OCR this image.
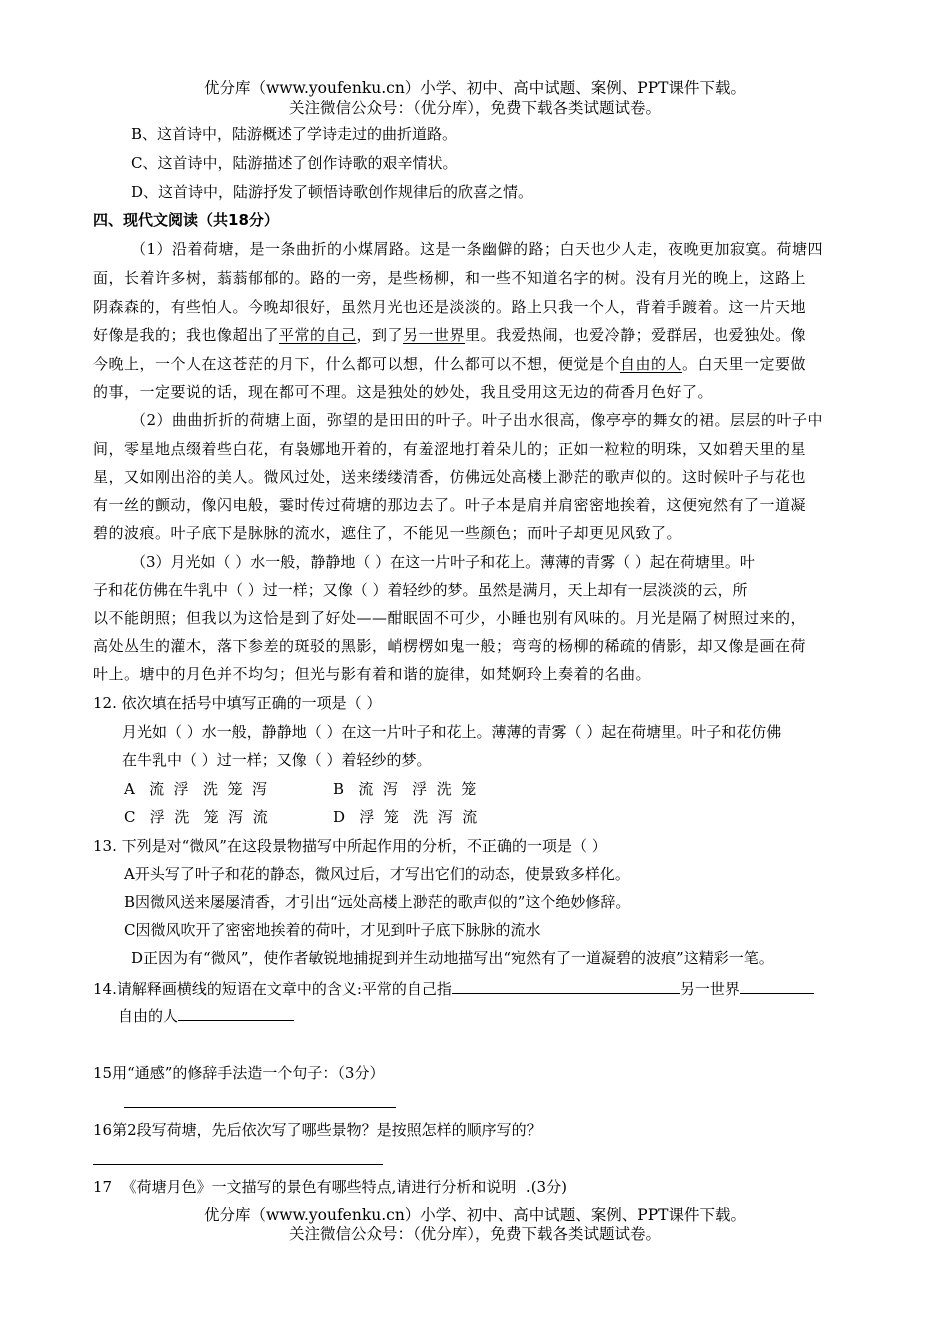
优分库（www.youfenku.cn）小学、初中、高中试题、案例、PPT课件下载。
关注微信公众号：（优分库），免费下载各类试题试卷。
B、这首诗中，陆游概述了学诗走过的曲折道路。
C、这首诗中，陆游描述了创作诗歌的艰辛情状。
D、这首诗中，陆游抒发了顿悟诗歌创作规律后的欣喜之情。
四、现代文阅读（共18分）
（1）沿着荷塘，是一条曲折的小煤屑路。这是一条幽僻的路；白天也少人走，夜晚更加寂寞。荷塘四
面，长着许多树，蓊蓊郁郁的。路的一旁，是些杨柳，和一些不知道名字的树。没有月光的晚上，这路上
阴森森的，有些怕人。今晚却很好，虽然月光也还是淡淡的。路上只我一个人，背着手踱着。这一片天地
好像是我的；我也像超出了平常的自己，到了另一世界里。我爱热闹，也爱冷静；爱群居，也爱独处。像
今晚上，一个人在这苍茫的月下，什么都可以想，什么都可以不想，便觉是个自由的人。白天里一定要做
的事，一定要说的话，现在都可不理。这是独处的妙处，我且受用这无边的荷香月色好了。
（2）曲曲折折的荷塘上面，弥望的是田田的叶子。叶子出水很高，像亭亭的舞女的裙。层层的叶子中
间，零星地点缀着些白花，有袅娜地开着的，有羞涩地打着朵儿的；正如一粒粒的明珠，又如碧天里的星
星，又如刚出浴的美人。微风过处，送来缕缕清香，仿佛远处高楼上渺茫的歌声似的。这时候叶子与花也
有一丝的颤动，像闪电般，霎时传过荷塘的那边去了。叶子本是肩并肩密密地挨着，这便宛然有了一道凝
碧的波痕。叶子底下是脉脉的流水，遮住了，不能见一些颜色；而叶子却更见风致了。
（3）月光如（ ）水一般，静静地（ ）在这一片叶子和花上。薄薄的青雾（ ）起在荷塘里。叶
子和花仿佛在牛乳中（ ）过一样；又像（ ）着轻纱的梦。虽然是满月，天上却有一层淡淡的云，所
以不能朗照；但我以为这恰是到了好处——酣眠固不可少，小睡也别有风味的。月光是隔了树照过来的，
高处丛生的灌木，落下参差的斑驳的黑影，峭楞楞如鬼一般；弯弯的杨柳的稀疏的倩影，却又像是画在荷
叶上。塘中的月色并不均匀；但光与影有着和谐的旋律，如梵婀玲上奏着的名曲。
12. 依次填在括号中填写正确的一项是（ ）
月光如（ ）水一般，静静地（ ）在这一片叶子和花上。薄薄的青雾（ ）起在荷塘里。叶子和花仿佛
在牛乳中（ ）过一样；又像（ ）着轻纱的梦。
A   流  浮   洗  笼  泻	B   流  泻   浮  洗  笼
C   浮  洗   笼  泻  流	D   浮  笼   洗  泻  流
13. 下列是对“微风”在这段景物描写中所起作用的分析，不正确的一项是（ ）
A开头写了叶子和花的静态，微风过后，才写出它们的动态，使景致多样化。
B因微风送来屡屡清香，才引出“远处高楼上渺茫的歌声似的”这个绝妙修辞。
C因微风吹开了密密地挨着的荷叶，才见到叶子底下脉脉的流水
D正因为有“微风”，使作者敏锐地捕捉到并生动地描写出“宛然有了一道凝碧的波痕”这精彩一笔。
14.请解释画横线的短语在文章中的含义:平常的自己指	另一世界
自由的人
15用“通感”的修辞手法造一个句子：（3分）
16第2段写荷塘，先后依次写了哪些景物？是按照怎样的顺序写的？
17  《荷塘月色》一文描写的景色有哪些特点,请进行分析和说明  .(3分)
优分库（www.youfenku.cn）小学、初中、高中试题、案例、PPT课件下载。
关注微信公众号：（优分库），免费下载各类试题试卷。
